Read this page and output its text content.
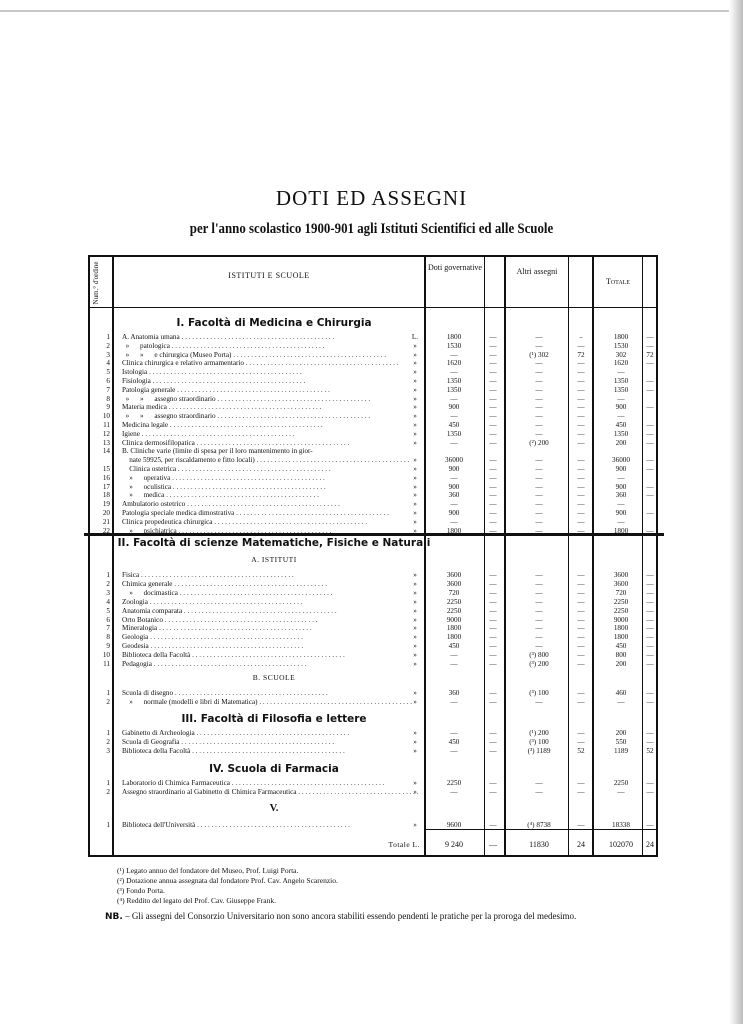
DOTI ED ASSEGNI
per l'anno scolastico 1900-901 agli Istituti Scientifici ed alle Scuole
Num.° d'ordine	ISTITUTI E SCUOLE
Doti governative	Altri assegni
Totale
I. Facoltà di Medicina e Chirurgia
1 A. Anatomia umana . . .	L.	1800	—	—	–	1800	—
2 »      patologica . . .	»	1530	—	—	—	1530	—
3 »      »      e chirurgica (Museo Porta) . . .	»	—	—	(¹) 302	72	302	72
4 Clinica chirurgica e relativo armamentario . . .	»	1620	—	—	—	1620	—
5 Istologia . . .	»	—	—	—	—	—
6 Fisiologia . . .	»	1350	—	—	—	1350	—
7 Patologia generale . . .	»	1350	—	—	—	1350	—
8 »      »      assegno straordinario . . .	»	—	—	—	—	—
9 Materia medica . . .	»	900	—	—	—	900	—
10 »      »      assegno straordinario . . .	»	—	—	—	—	—
11 Medicina legale . . .	»	450	—	—	—	450	—
12 Igiene . . .	»	1350	—	—	—	1350	—
13 Clinica dermosifilopatica . . .	»	—	—	(²) 200	—	200	—
14 B. Cliniche varie (limite di spesa per il loro mantenimento in gior-
nate 59925, per riscaldamento e fitto locali) . . .	»	36000	—	—	—	36000	—
15 Clinica ostetrica . . .	»	900	—	—	—	900	—
16 »      operativa . . .	»	—	—	—	—	—
17 »      oculistica . . .	»	900	—	—	—	900	—
18 »      medica . . .	»	360	—	—	—	360	—
19 Ambulatorio ostetrico . . .	»	—	—	—	—	—
20 Patologia speciale medica dimostrativa . . .	»	900	—	—	—	900	—
21 Clinica propedeutica chirurgica . . .	»	—	—	—	—	—
22 »      psichiatrica . . .	»	1800	—	—	—	1800	—
II. Facoltà di scienze Matematiche, Fisiche e Naturali
A. ISTITUTI
1 Fisica . . .	»	3600	—	—	—	3600	—
2 Chimica generale . . .	»	3600	—	—	—	3600	—
3 »      docimastica . . .	»	720	—	—	—	720	—
4 Zoologia . . .	»	2250	—	—	—	2250	—
5 Anatomia comparata . . .	»	2250	—	—	—	2250	—
6 Orto Botanico . . .	»	9000	—	—	—	9000	—
7 Mineralogia . . .	»	1800	—	—	—	1800	—
8 Geologia . . .	»	1800	—	—	—	1800	—
9 Geodesia . . .	»	450	—	—	—	450	—
10 Biblioteca della Facoltà . . .	»	—	—	(³) 800	—	800	—
11 Pedagogia . . .	»	—	—	(³) 200	—	200	—
B. SCUOLE
1 Scuola di disegno . . .	»	360	—	(³) 100	—	460	—
2 »      normale (modelli e libri di Matematica) . . .	»	—	—	—	—	—	—
III. Facoltà di Filosofia e lettere
1 Gabinetto di Archeologia . . .	»	—	—	(¹) 200	—	200	—
2 Scuola di Geografia . . .	»	450	—	(³) 100	—	550	—
3 Biblioteca della Facoltà . . .	»	—	—	(³) 1189	52	1189	52
IV. Scuola di Farmacia
1 Laboratorio di Chimica Farmaceutica . . .	»	2250	—	—	—	2250	—
2 Assegno straordinario al Gabinetto di Chimica Farmaceutica . . .	»	—	—	—	—	—	—
V.
1 Biblioteca dell'Università . . .	»	9600	—	(⁴) 8738	—	18338	—
Totale L.	9 240	—	11830	24	102070	24
(¹) Legato annuo del fondatore del Museo, Prof. Luigi Porta.
(²) Dotazione annua assegnata dal fondatore Prof. Cav. Angelo Scarenzio.
(³) Fondo Porta.
(⁴) Reddito del legato del Prof. Cav. Giuseppe Frank.
NB. – Gli assegni del Consorzio Universitario non sono ancora stabiliti essendo pendenti le pratiche per la proroga del medesimo.
